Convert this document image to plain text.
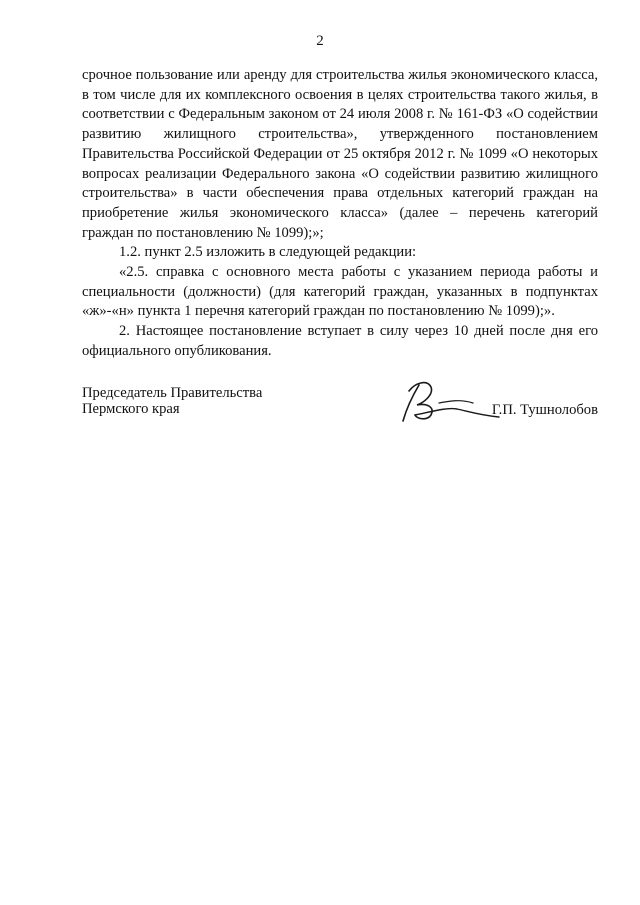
2

срочное пользование или аренду для строительства жилья экономического класса, в том числе для их комплексного освоения в целях строительства такого жилья, в соответствии с Федеральным законом от 24 июля 2008 г. № 161-ФЗ «О содействии развитию жилищного строительства», утвержденного постановлением Правительства Российской Федерации от 25 октября 2012 г. № 1099 «О некоторых вопросах реализации Федерального закона «О содействии развитию жилищного строительства» в части обеспечения права отдельных категорий граждан на приобретение жилья экономического класса» (далее – перечень категорий граждан по постановлению № 1099);»;

1.2. пункт 2.5 изложить в следующей редакции:

«2.5. справка с основного места работы с указанием периода работы и специальности (должности) (для категорий граждан, указанных в подпунктах «ж»-«н» пункта 1 перечня категорий граждан по постановлению № 1099);».

2. Настоящее постановление вступает в силу через 10 дней после дня его официального опубликования.

Председатель Правительства
Пермского края	Г.П. Тушнолобов
